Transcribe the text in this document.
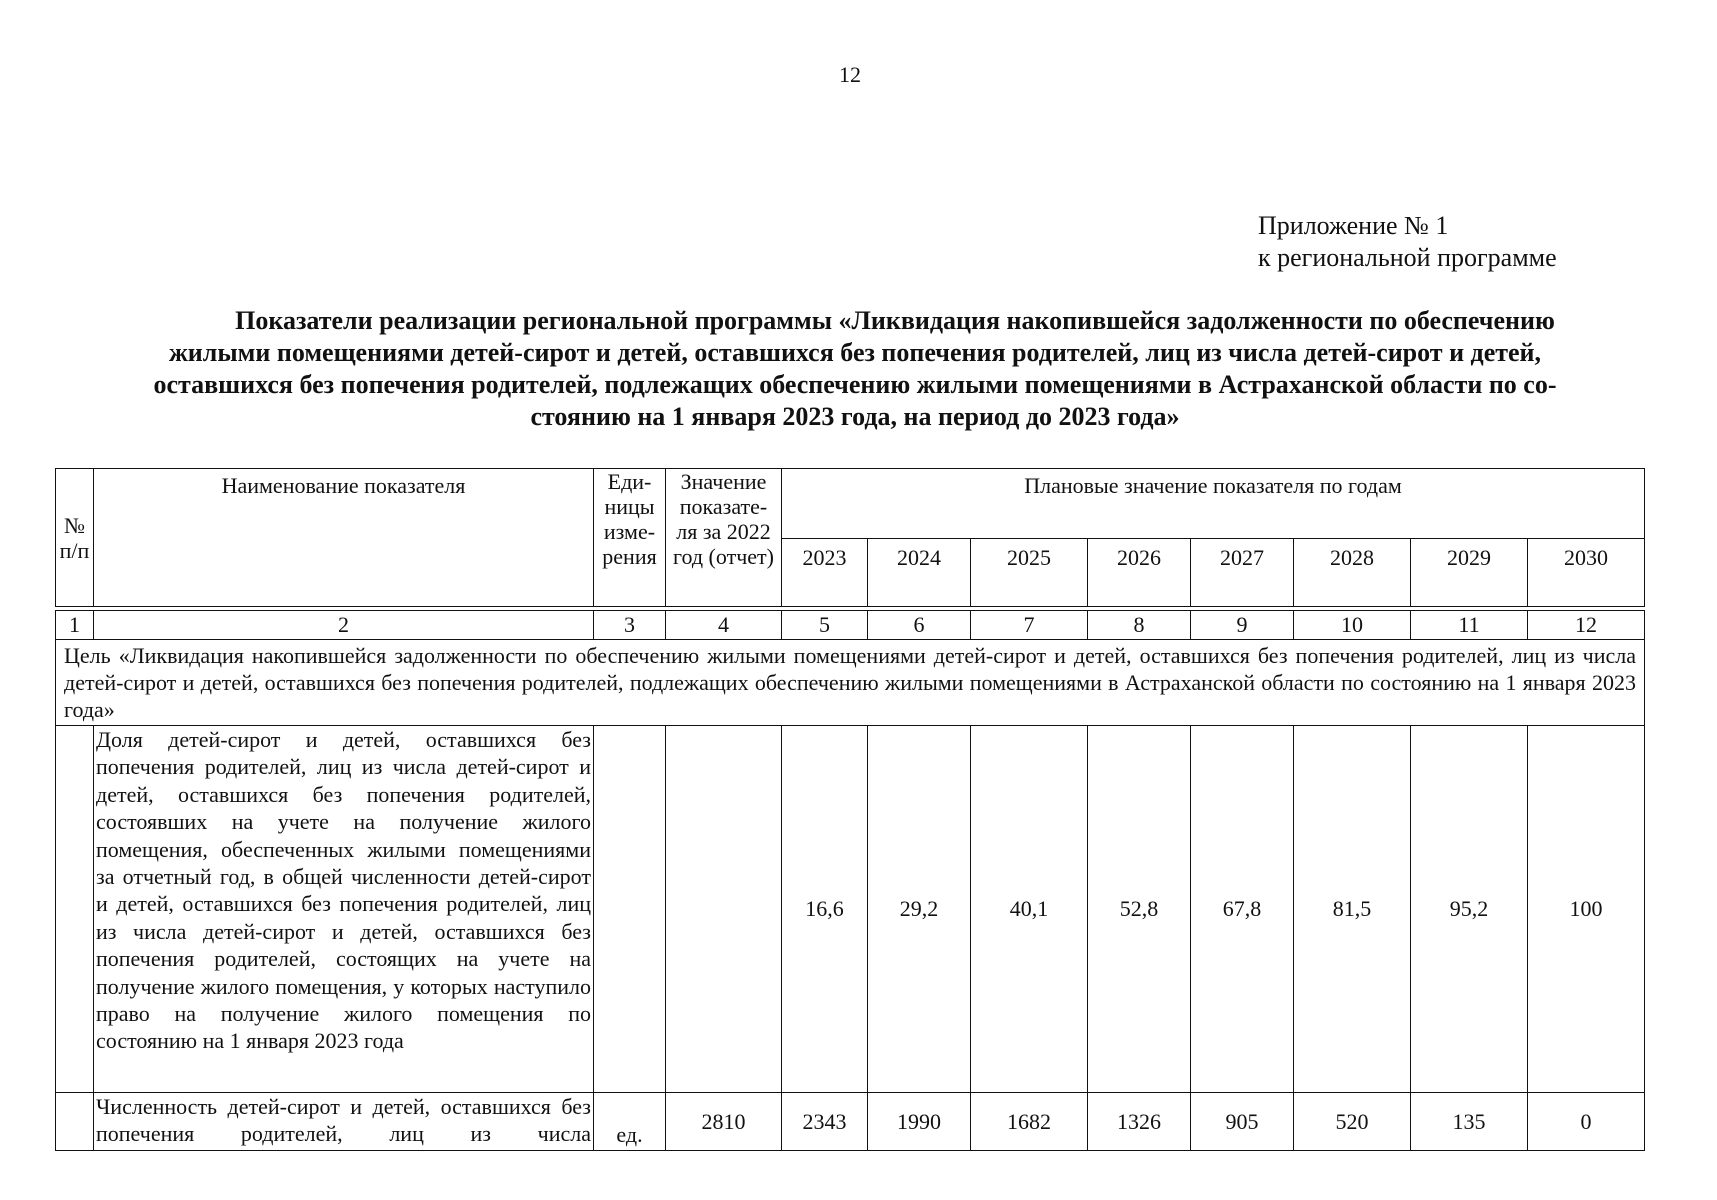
12
Приложение № 1
к региональной программе
Показатели реализации региональной программы «Ликвидация накопившейся задолженности по обеспечению
жилыми помещениями детей-сирот и детей, оставшихся без попечения родителей, лиц из числа детей-сирот и детей,
оставшихся без попечения родителей, подлежащих обеспечению жилыми помещениями в Астраханской области по со-
стоянию на 1 января 2023 года, на период до 2023 года»
№ п/п	Наименование показателя	Еди- ницы изме- рения	Значение показате- ля за 2022 год (отчет)	Плановые значение показателя по годам							
				2023	2024	2025	2026	2027	2028	2029	2030

1	2	3	4	5	6	7	8	9	10	11	12
Цель «Ликвидация накопившейся задолженности по обеспечению жилыми помещениями детей-сирот и детей, оставшихся без попечения родителей, лиц из числа детей-сирот и детей, оставшихся без попечения родителей, подлежащих обеспечению жилыми помещениями в Астраханской области по состоянию на 1 января 2023 года»											
	Доля детей-сирот и детей, оставшихся без попечения родителей, лиц из числа детей-сирот и детей, оставшихся без попечения родителей, состоявших на учете на получение жилого помещения, обеспеченных жилыми помещениями за отчетный год, в общей численности детей-сирот и детей, оставшихся без попечения родителей, лиц из числа детей-сирот и детей, оставшихся без попечения родителей, состоящих на учете на получение жилого помещения, у которых наступило право на получение жилого помещения по состоянию на 1 января 2023 года			16,6	29,2	40,1	52,8	67,8	81,5	95,2	100
	Численность детей-сирот и детей, оставшихся без попечения родителей, лиц из числа	ед.	2810	2343	1990	1682	1326	905	520	135	0
